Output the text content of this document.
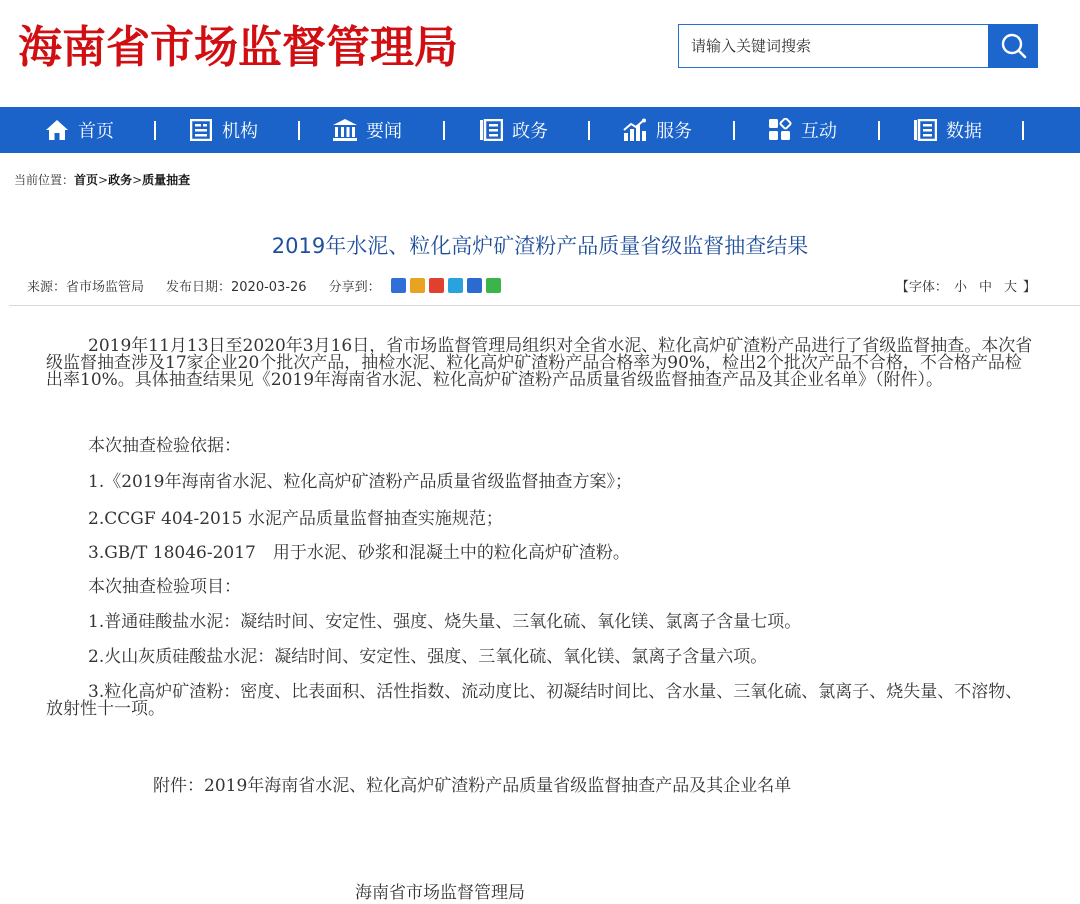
海南省市场监督管理局
请输入关键词搜索
首页	机构	要闻	政务	服务	互动	数据
当前位置：首页>政务>质量抽查
2019年水泥、粒化高炉矿渣粉产品质量省级监督抽查结果
来源：省市场监管局 发布日期：2020-03-26 分享到：	【字体： 小 中 大 】
2019年11月13日至2020年3月16日，省市场监督管理局组织对全省水泥、粒化高炉矿渣粉产品进行了省级监督抽查。本次省级监督抽查涉及17家企业20个批次产品，抽检水泥、粒化高炉矿渣粉产品合格率为90%，检出2个批次产品不合格，不合格产品检出率10%。具体抽查结果见《2019年海南省水泥、粒化高炉矿渣粉产品质量省级监督抽查产品及其企业名单》（附件）。
本次抽查检验依据：
1.《2019年海南省水泥、粒化高炉矿渣粉产品质量省级监督抽查方案》；
2.CCGF 404-2015 水泥产品质量监督抽查实施规范；
3.GB/T 18046-2017　用于水泥、砂浆和混凝土中的粒化高炉矿渣粉。
本次抽查检验项目：
1.普通硅酸盐水泥：凝结时间、安定性、强度、烧失量、三氧化硫、氧化镁、氯离子含量七项。
2.火山灰质硅酸盐水泥：凝结时间、安定性、强度、三氧化硫、氧化镁、氯离子含量六项。
3.粒化高炉矿渣粉：密度、比表面积、活性指数、流动度比、初凝结时间比、含水量、三氧化硫、氯离子、烧失量、不溶物、放射性十一项。
附件：2019年海南省水泥、粒化高炉矿渣粉产品质量省级监督抽查产品及其企业名单
海南省市场监督管理局
